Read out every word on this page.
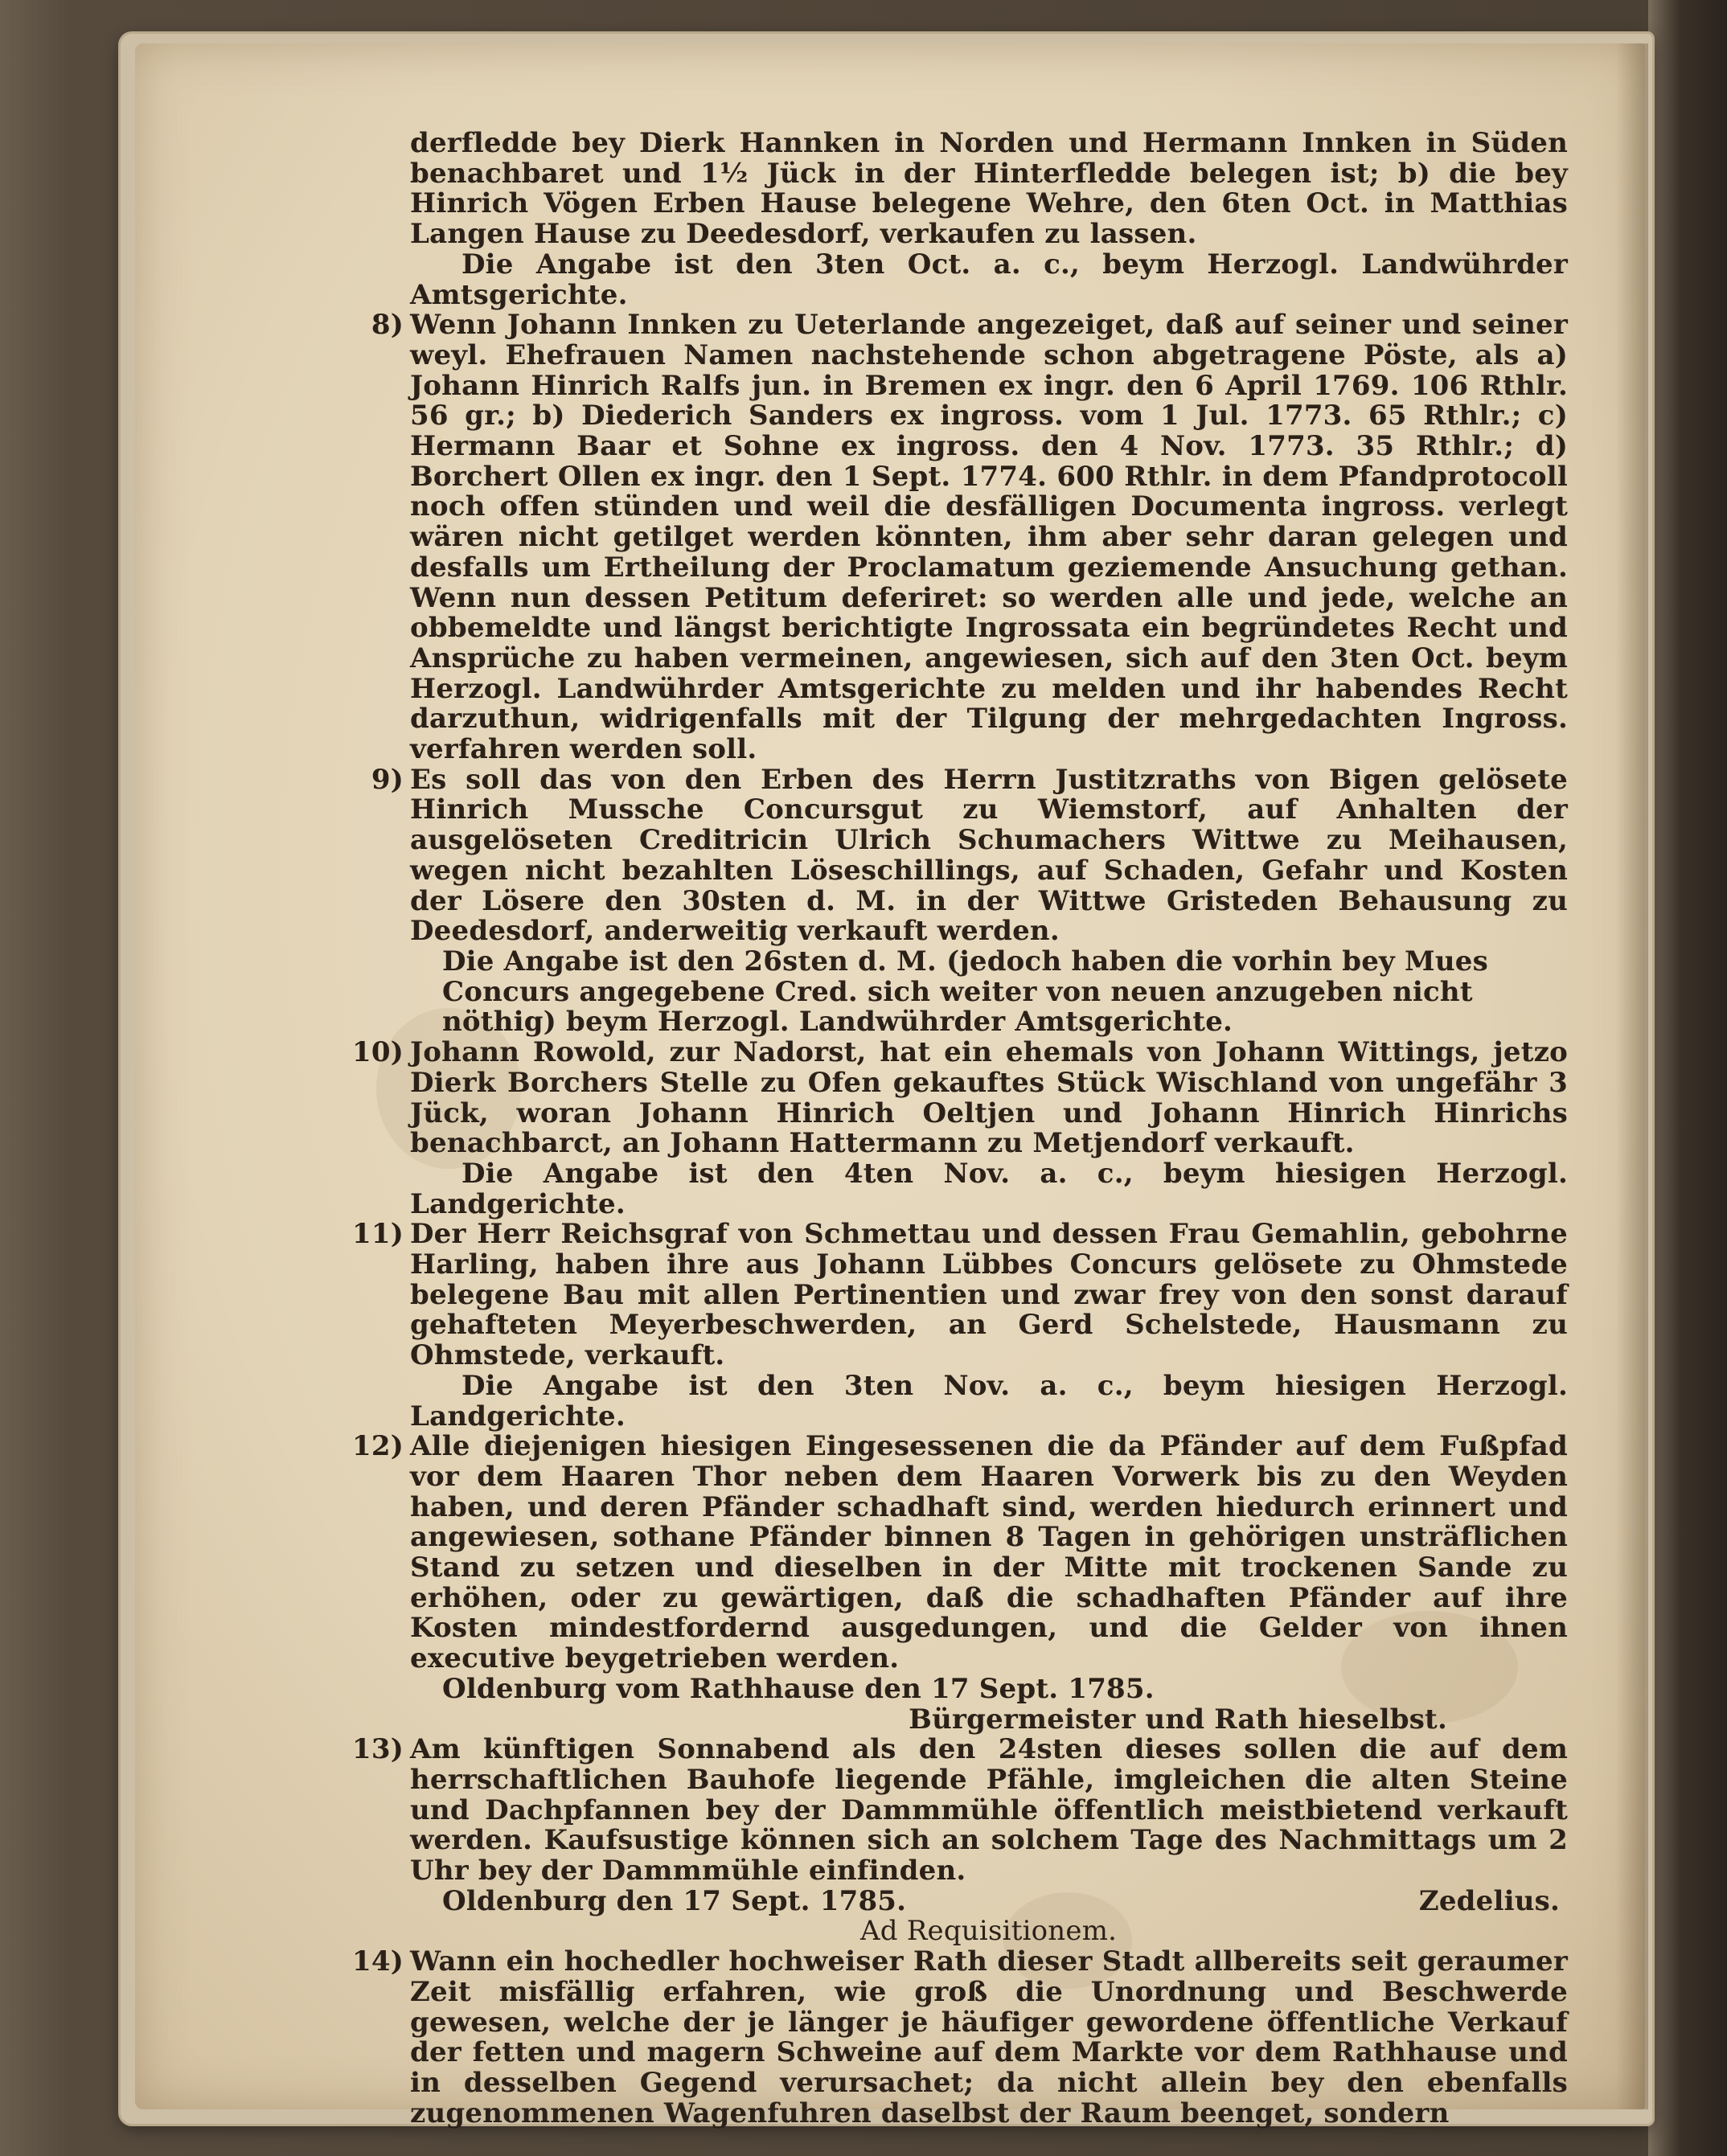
derfledde bey Dierk Hannken in Norden und Hermann Innken in Süden benachbaret und 1½ Jück in der Hinterfledde belegen ist; b) die bey Hinrich Vögen Erben Hause belegene Wehre, den 6ten Oct. in Matthias Langen Hause zu Deedesdorf, verkaufen zu lassen.
Die Angabe ist den 3ten Oct. a. c., beym Herzogl. Landwührder Amtsgerichte.
8) Wenn Johann Innken zu Ueterlande angezeiget, daß auf seiner und seiner weyl. Ehefrauen Namen nachstehende schon abgetragene Pöste, als a) Johann Hinrich Ralfs jun. in Bremen ex ingr. den 6 April 1769. 106 Rthlr. 56 gr.; b) Diederich Sanders ex ingross. vom 1 Jul. 1773. 65 Rthlr.; c) Hermann Baar et Sohne ex ingross. den 4 Nov. 1773. 35 Rthlr.; d) Borchert Ollen ex ingr. den 1 Sept. 1774. 600 Rthlr. in dem Pfandprotocoll noch offen stünden und weil die desfälligen Documenta ingross. verlegt wären nicht getilget werden könnten, ihm aber sehr daran gelegen und desfalls um Ertheilung der Proclamatum geziemende Ansuchung gethan. Wenn nun dessen Petitum deferiret: so werden alle und jede, welche an obbemeldte und längst berichtigte Ingrossata ein begründetes Recht und Ansprüche zu haben vermeinen, angewiesen, sich auf den 3ten Oct. beym Herzogl. Landwührder Amtsgerichte zu melden und ihr habendes Recht darzuthun, widrigenfalls mit der Tilgung der mehrgedachten Ingross. verfahren werden soll.
9) Es soll das von den Erben des Herrn Justitzraths von Bigen gelösete Hinrich Mussche Concursgut zu Wiemstorf, auf Anhalten der ausgelöseten Creditricin Ulrich Schumachers Wittwe zu Meihausen, wegen nicht bezahlten Löseschillings, auf Schaden, Gefahr und Kosten der Lösere den 30sten d. M. in der Wittwe Gristeden Behausung zu Deedesdorf, anderweitig verkauft werden.
Die Angabe ist den 26sten d. M. (jedoch haben die vorhin bey Mues Concurs angegebene Cred. sich weiter von neuen anzugeben nicht nöthig) beym Herzogl. Landwührder Amtsgerichte.
10) Johann Rowold, zur Nadorst, hat ein ehemals von Johann Wittings, jetzo Dierk Borchers Stelle zu Ofen gekauftes Stück Wischland von ungefähr 3 Jück, woran Johann Hinrich Oeltjen und Johann Hinrich Hinrichs benachbarct, an Johann Hattermann zu Metjendorf verkauft.
Die Angabe ist den 4ten Nov. a. c., beym hiesigen Herzogl. Landgerichte.
11) Der Herr Reichsgraf von Schmettau und dessen Frau Gemahlin, gebohrne Harling, haben ihre aus Johann Lübbes Concurs gelösete zu Ohmstede belegene Bau mit allen Pertinentien und zwar frey von den sonst darauf gehafteten Meyerbeschwerden, an Gerd Schelstede, Hausmann zu Ohmstede, verkauft.
Die Angabe ist den 3ten Nov. a. c., beym hiesigen Herzogl. Landgerichte.
12) Alle diejenigen hiesigen Eingesessenen die da Pfänder auf dem Fußpfad vor dem Haaren Thor neben dem Haaren Vorwerk bis zu den Weyden haben, und deren Pfänder schadhaft sind, werden hiedurch erinnert und angewiesen, sothane Pfänder binnen 8 Tagen in gehörigen unsträflichen Stand zu setzen und dieselben in der Mitte mit trockenen Sande zu erhöhen, oder zu gewärtigen, daß die schadhaften Pfänder auf ihre Kosten mindestfordernd ausgedungen, und die Gelder von ihnen executive beygetrieben werden.
Oldenburg vom Rathhause den 17 Sept. 1785.
Bürgermeister und Rath hieselbst.
13) Am künftigen Sonnabend als den 24sten dieses sollen die auf dem herrschaftlichen Bauhofe liegende Pfähle, imgleichen die alten Steine und Dachpfannen bey der Dammmühle öffentlich meistbietend verkauft werden. Kaufsustige können sich an solchem Tage des Nachmittags um 2 Uhr bey der Dammmühle einfinden.
Oldenburg den 17 Sept. 1785.	Zedelius.
Ad Requisitionem.
14) Wann ein hochedler hochweiser Rath dieser Stadt allbereits seit geraumer Zeit misfällig erfahren, wie groß die Unordnung und Beschwerde gewesen, welche der je länger je häufiger gewordene öffentliche Verkauf der fetten und magern Schweine auf dem Markte vor dem Rathhause und in desselben Gegend verursachet; da nicht allein bey den ebenfalls zugenommenen Wagenfuhren daselbst der Raum beenget, sondern
